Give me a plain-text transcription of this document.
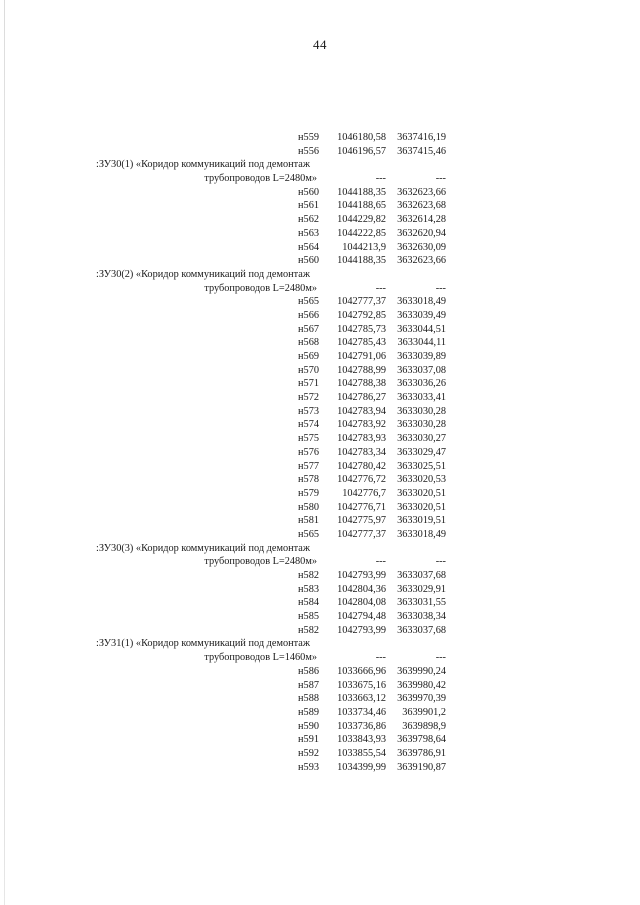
44
н559 1046180,58 3637416,19
н556 1046196,57 3637415,46
:ЗУ30(1) «Коридор коммуникаций под демонтаж
трубопроводов L=2480м»	---	---
н560 1044188,35 3632623,66
н561 1044188,65 3632623,68
н562 1044229,82 3632614,28
н563 1044222,85 3632620,94
н564 1044213,9 3632630,09
н560 1044188,35 3632623,66
:ЗУ30(2) «Коридор коммуникаций под демонтаж
трубопроводов L=2480м»	---	---
н565 1042777,37 3633018,49
н566 1042792,85 3633039,49
н567 1042785,73 3633044,51
н568 1042785,43 3633044,11
н569 1042791,06 3633039,89
н570 1042788,99 3633037,08
н571 1042788,38 3633036,26
н572 1042786,27 3633033,41
н573 1042783,94 3633030,28
н574 1042783,92 3633030,28
н575 1042783,93 3633030,27
н576 1042783,34 3633029,47
н577 1042780,42 3633025,51
н578 1042776,72 3633020,53
н579 1042776,7 3633020,51
н580 1042776,71 3633020,51
н581 1042775,97 3633019,51
н565 1042777,37 3633018,49
:ЗУ30(3) «Коридор коммуникаций под демонтаж
трубопроводов L=2480м»	---	---
н582 1042793,99 3633037,68
н583 1042804,36 3633029,91
н584 1042804,08 3633031,55
н585 1042794,48 3633038,34
н582 1042793,99 3633037,68
:ЗУ31(1) «Коридор коммуникаций под демонтаж
трубопроводов L=1460м»	---	---
н586 1033666,96 3639990,24
н587 1033675,16 3639980,42
н588 1033663,12 3639970,39
н589 1033734,46 3639901,2
н590 1033736,86 3639898,9
н591 1033843,93 3639798,64
н592 1033855,54 3639786,91
н593 1034399,99 3639190,87
